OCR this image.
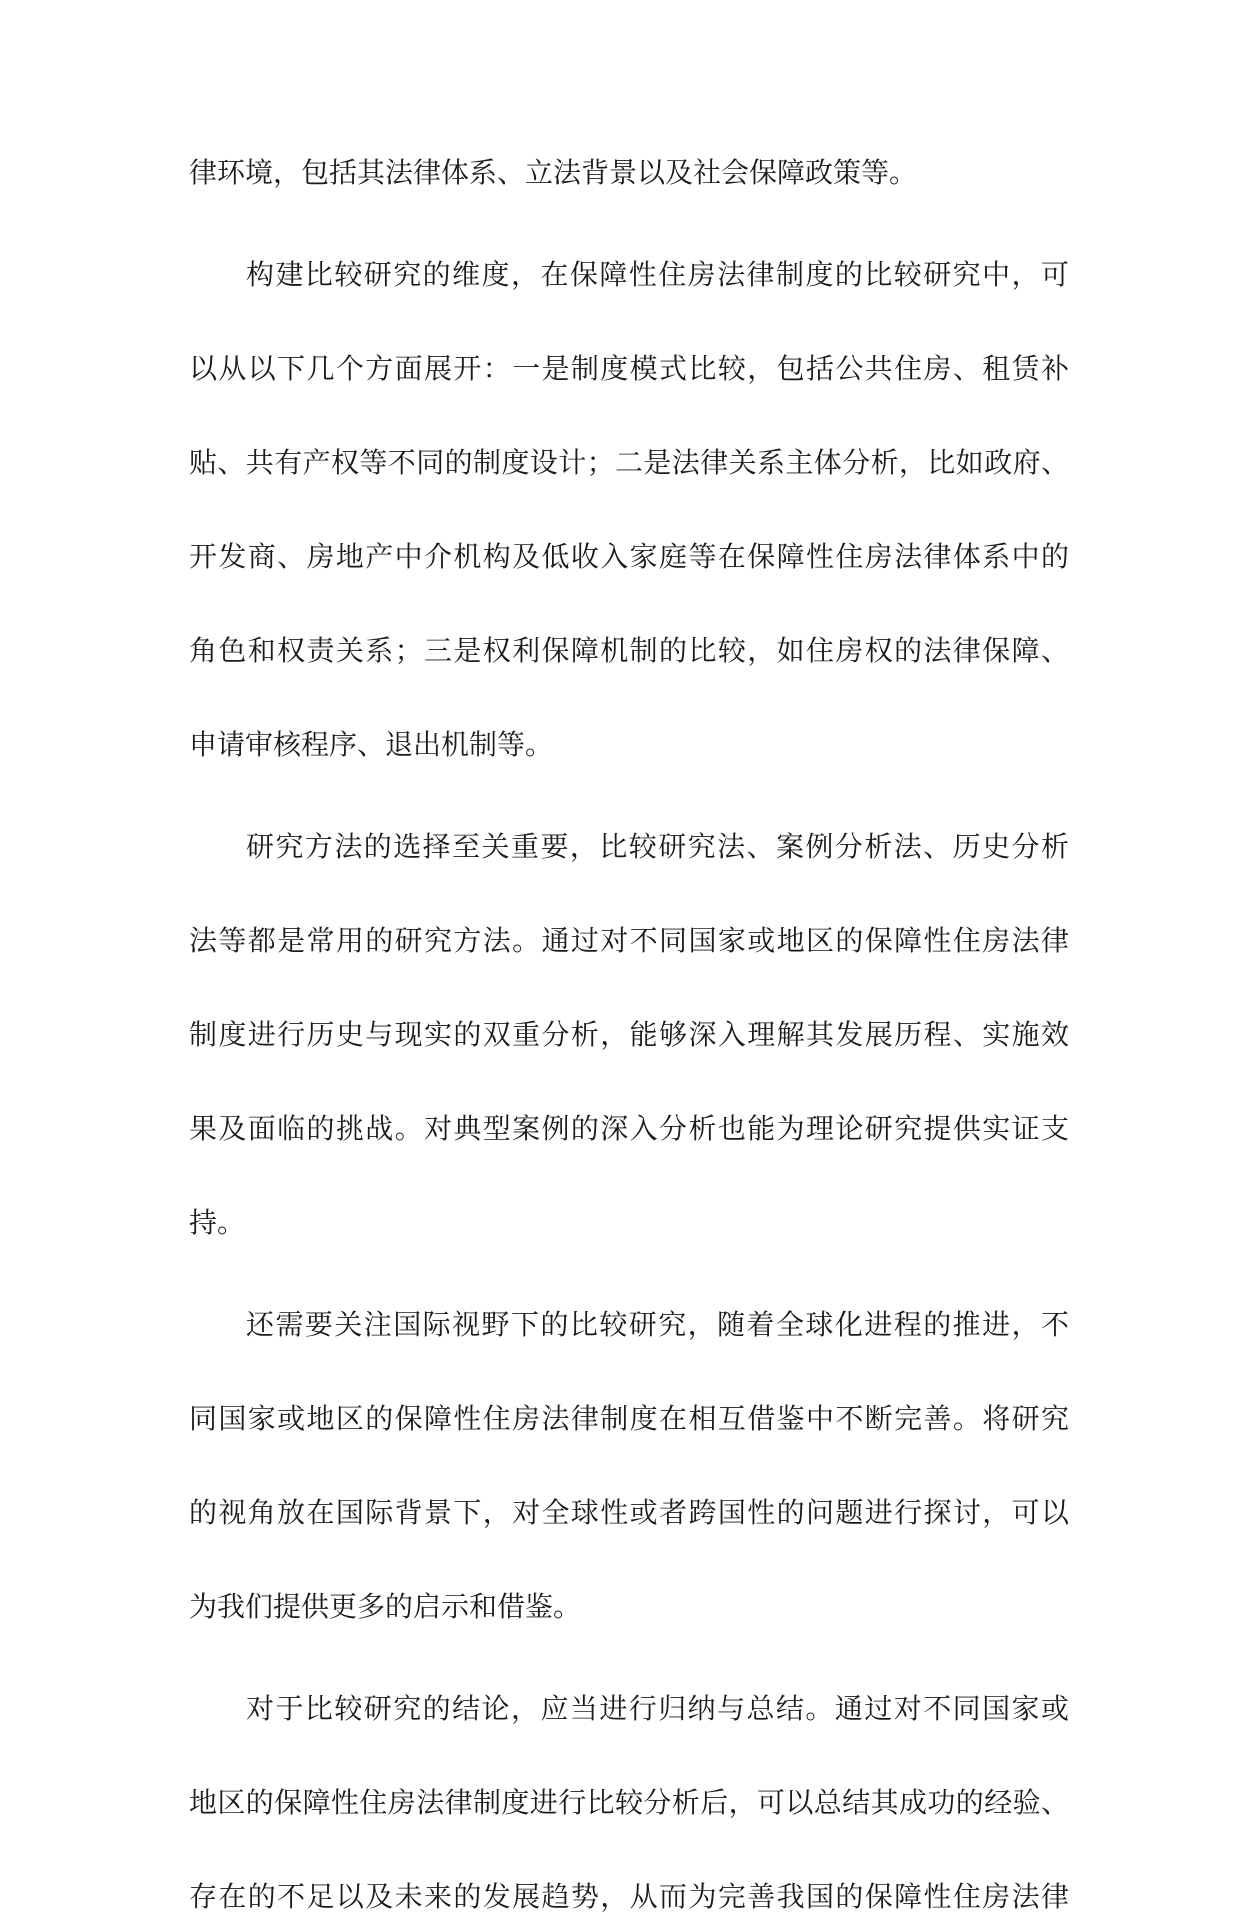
律环境，包括其法律体系、立法背景以及社会保障政策等。
构建比较研究的维度，在保障性住房法律制度的比较研究中，可
以从以下几个方面展开：一是制度模式比较，包括公共住房、租赁补
贴、共有产权等不同的制度设计；二是法律关系主体分析，比如政府、
开发商、房地产中介机构及低收入家庭等在保障性住房法律体系中的
角色和权责关系；三是权利保障机制的比较，如住房权的法律保障、
申请审核程序、退出机制等。
研究方法的选择至关重要，比较研究法、案例分析法、历史分析
法等都是常用的研究方法。通过对不同国家或地区的保障性住房法律
制度进行历史与现实的双重分析，能够深入理解其发展历程、实施效
果及面临的挑战。对典型案例的深入分析也能为理论研究提供实证支
持。
还需要关注国际视野下的比较研究，随着全球化进程的推进，不
同国家或地区的保障性住房法律制度在相互借鉴中不断完善。将研究
的视角放在国际背景下，对全球性或者跨国性的问题进行探讨，可以
为我们提供更多的启示和借鉴。
对于比较研究的结论，应当进行归纳与总结。通过对不同国家或
地区的保障性住房法律制度进行比较分析后，可以总结其成功的经验、
存在的不足以及未来的发展趋势，从而为完善我国的保障性住房法律
